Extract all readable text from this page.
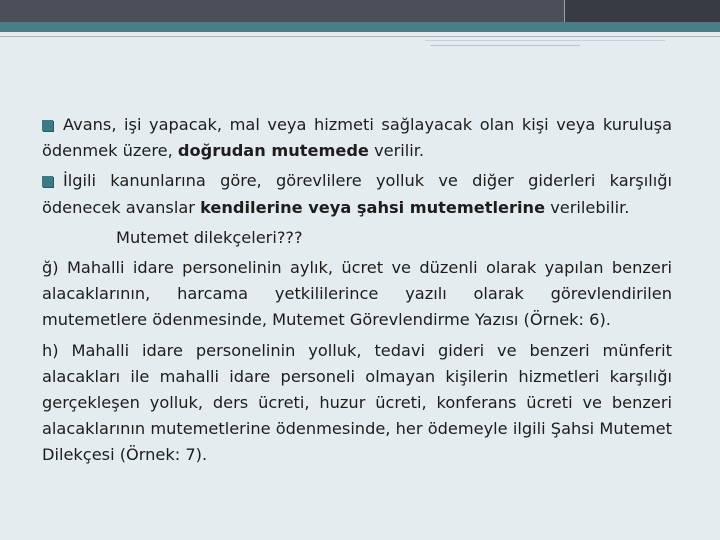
Avans, işi yapacak, mal veya hizmeti sağlayacak olan kişi veya kuruluşa ödenmek üzere, doğrudan mutemede verilir.

İlgili kanunlarına göre, görevlilere yolluk ve diğer giderleri karşılığı ödenecek avanslar kendilerine veya şahsi mutemetlerine verilebilir.

Mutemet dilekçeleri???

ğ) Mahalli idare personelinin aylık, ücret ve düzenli olarak yapılan benzeri alacaklarının, harcama yetkililerince yazılı olarak görevlendirilen mutemetlere ödenmesinde, Mutemet Görevlendirme Yazısı (Örnek: 6).

h) Mahalli idare personelinin yolluk, tedavi gideri ve benzeri münferit alacakları ile mahalli idare personeli olmayan kişilerin hizmetleri karşılığı gerçekleşen yolluk, ders ücreti, huzur ücreti, konferans ücreti ve benzeri alacaklarının mutemetlerine ödenmesinde, her ödemeyle ilgili Şahsi Mutemet Dilekçesi (Örnek: 7).
